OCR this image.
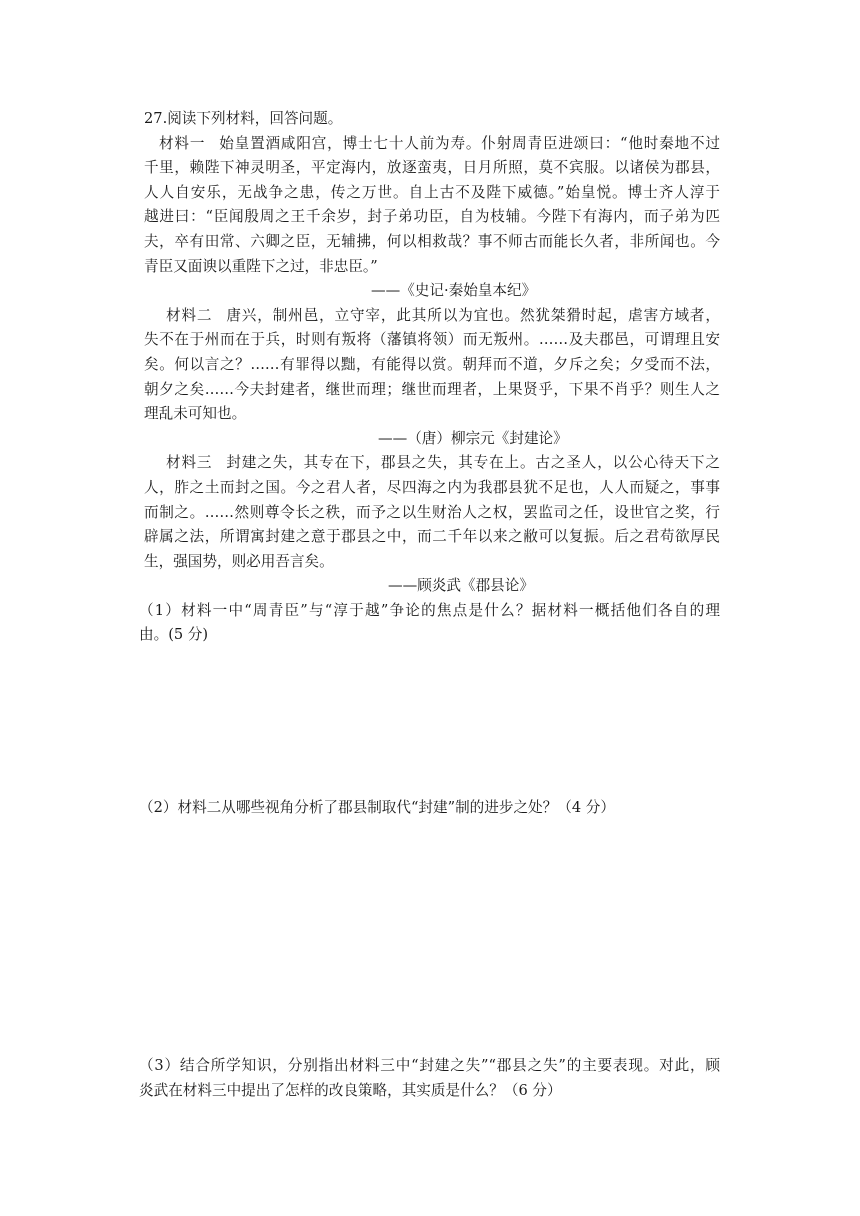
27.阅读下列材料，回答问题。
材料一 始皇置酒咸阳宫，博士七十人前为寿。仆射周青臣进颂曰：“他时秦地不过
千里，赖陛下神灵明圣，平定海内，放逐蛮夷，日月所照，莫不宾服。以诸侯为郡县，
人人自安乐，无战争之患，传之万世。自上古不及陛下威德。”始皇悦。博士齐人淳于
越进曰：“臣闻殷周之王千余岁，封子弟功臣，自为枝辅。今陛下有海内，而子弟为匹
夫，卒有田常、六卿之臣，无辅拂，何以相救哉？事不师古而能长久者，非所闻也。今
青臣又面谀以重陛下之过，非忠臣。”
——《史记·秦始皇本纪》
材料二 唐兴，制州邑，立守宰，此其所以为宜也。然犹桀猾时起，虐害方域者，
失不在于州而在于兵，时则有叛将（藩镇将领）而无叛州。……及夫郡邑，可谓理且安
矣。何以言之？……有罪得以黜，有能得以赏。朝拜而不道，夕斥之矣；夕受而不法，
朝夕之矣……今夫封建者，继世而理；继世而理者，上果贤乎，下果不肖乎？则生人之
理乱未可知也。
——（唐）柳宗元《封建论》
材料三 封建之失，其专在下，郡县之失，其专在上。古之圣人，以公心待天下之
人，胙之土而封之国。今之君人者，尽四海之内为我郡县犹不足也，人人而疑之，事事
而制之。……然则尊令长之秩，而予之以生财治人之权，罢监司之任，设世官之奖，行
辟属之法，所谓寓封建之意于郡县之中，而二千年以来之敝可以复振。后之君苟欲厚民
生，强国势，则必用吾言矣。
——顾炎武《郡县论》
（1）材料一中“周青臣”与“淳于越”争论的焦点是什么？据材料一概括他们各自的理
由。(5 分)
（2）材料二从哪些视角分析了郡县制取代“封建”制的进步之处？（4 分）
（3）结合所学知识，分别指出材料三中“封建之失”“郡县之失”的主要表现。对此，顾
炎武在材料三中提出了怎样的改良策略，其实质是什么？（6 分）
